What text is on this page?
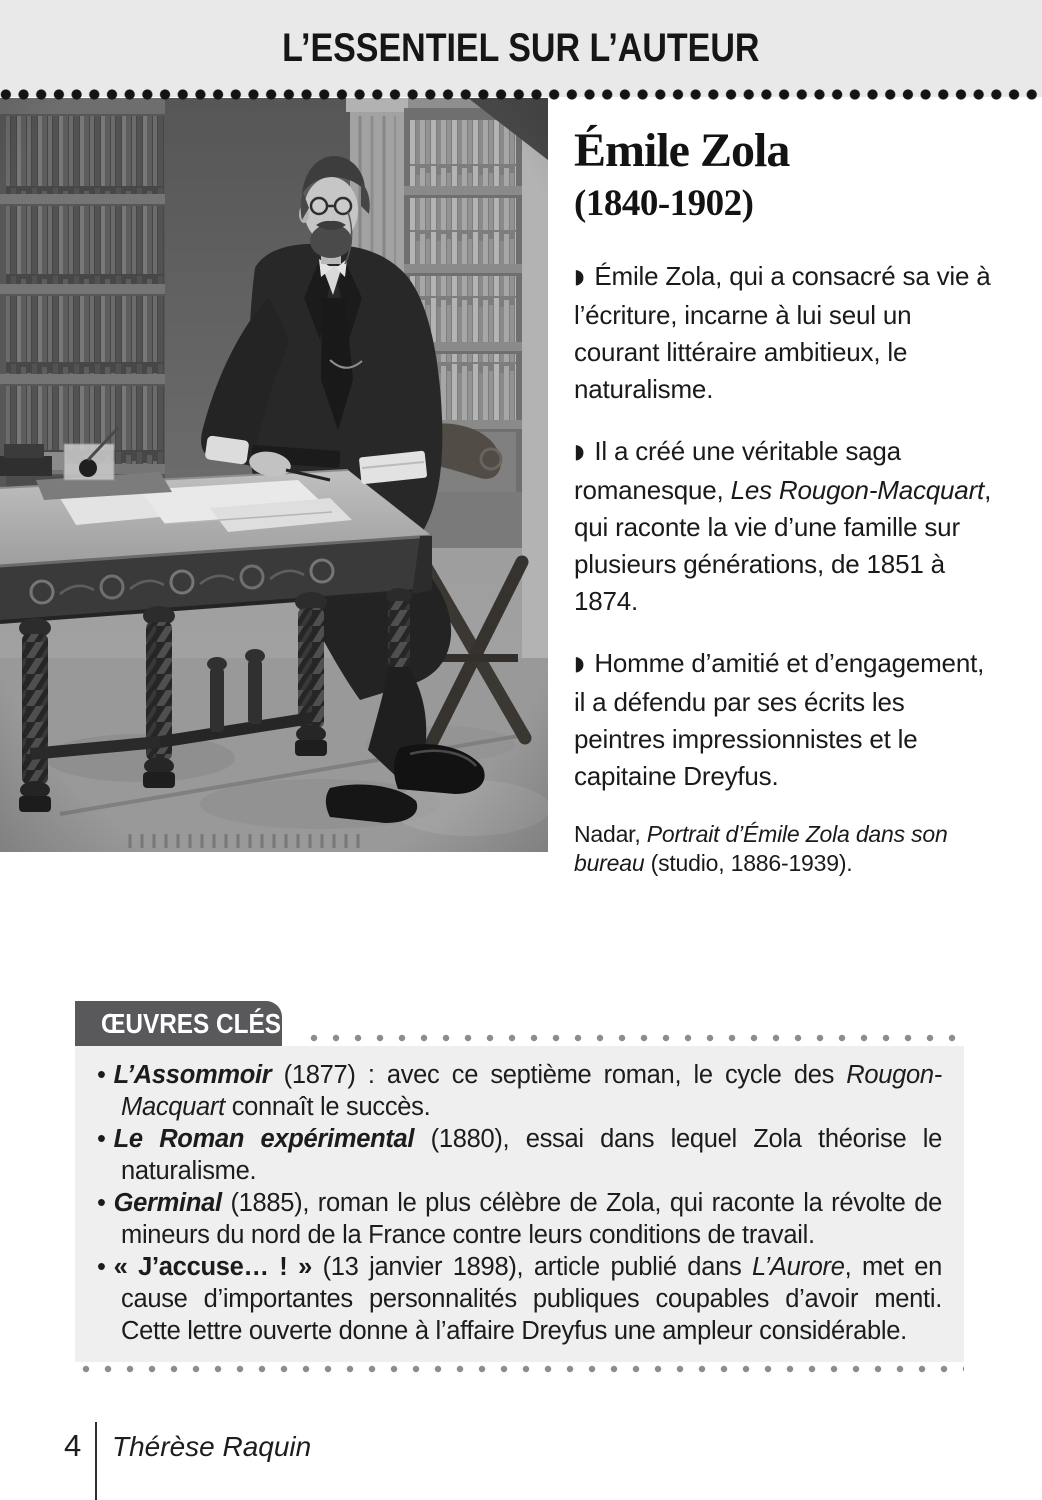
L’ESSENTIEL SUR L’AUTEUR
Émile Zola
(1840-1902)

◗ Émile Zola, qui a consacré sa vie à l’écriture, incarne à lui seul un courant littéraire ambitieux, le naturalisme.

◗ Il a créé une véritable saga romanesque, Les Rougon-Macquart, qui raconte la vie d’une famille sur plusieurs générations, de 1851 à 1874.

◗ Homme d’amitié et d’engagement, il a défendu par ses écrits les peintres impressionnistes et le capitaine Dreyfus.

Nadar, Portrait d’Émile Zola dans son bureau (studio, 1886-1939).
ŒUVRES CLÉS

• L’Assommoir (1877) : avec ce septième roman, le cycle des Rougon-Macquart connaît le succès.

• Le Roman expérimental (1880), essai dans lequel Zola théorise le naturalisme.

• Germinal (1885), roman le plus célèbre de Zola, qui raconte la révolte de mineurs du nord de la France contre leurs conditions de travail.

• « J’accuse… ! » (13 janvier 1898), article publié dans L’Aurore, met en cause d’importantes personnalités publiques coupables d’avoir menti. Cette lettre ouverte donne à l’affaire Dreyfus une ampleur considérable.

4 Thérèse Raquin
